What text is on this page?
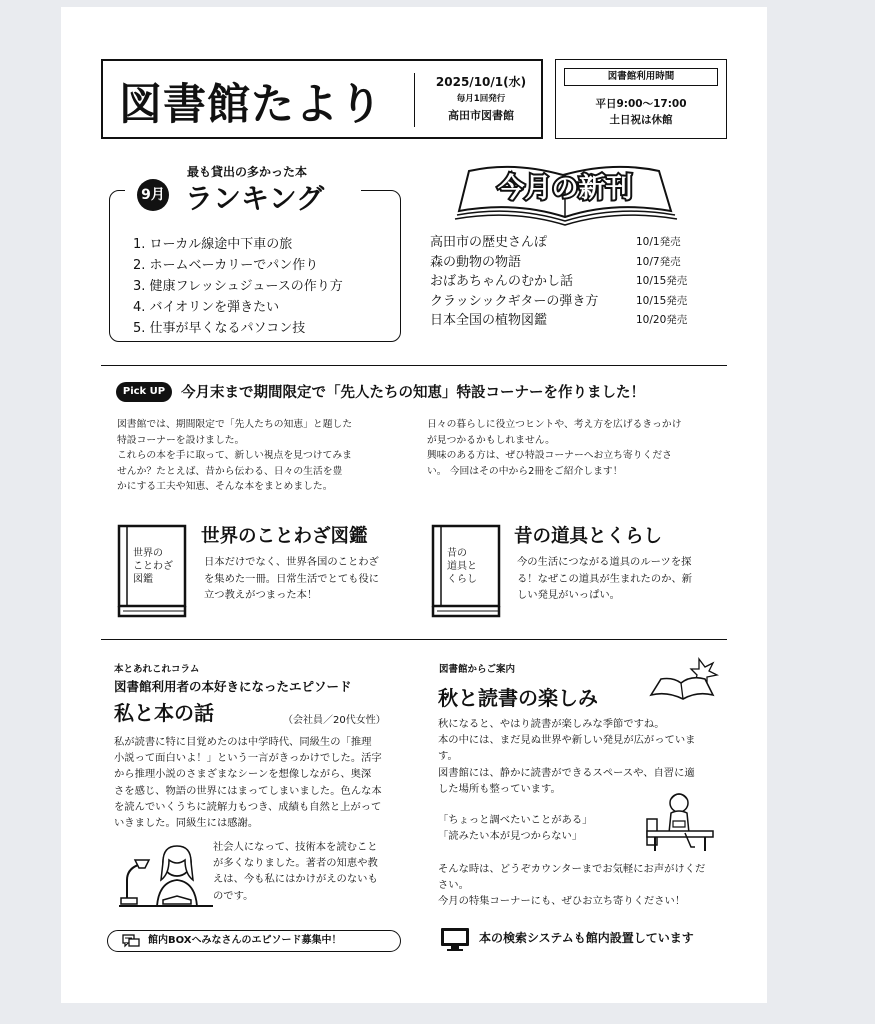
図書館たより	2025/10/1(水)
毎月1回発行
高田市図書館
図書館利用時間
平日9:00〜17:00
土日祝は休館
9月
最も貸出の多かった本
ランキング
1. ローカル線途中下車の旅
2. ホームベーカリーでパン作り
3. 健康フレッシュジュースの作り方
4. バイオリンを弾きたい
5. 仕事が早くなるパソコン技
今月の新刊
高田市の歴史さんぽ	10/1発売
森の動物の物語	10/7発売
おばあちゃんのむかし話	10/15発売
クラッシックギターの弾き方	10/15発売
日本全国の植物図鑑	10/20発売
Pick UP	今月末まで期間限定で「先人たちの知恵」特設コーナーを作りました！
図書館では、期間限定で「先人たちの知恵」と題した
特設コーナーを設けました。
これらの本を手に取って、新しい視点を見つけてみま
せんか？たとえば、昔から伝わる、日々の生活を豊
かにする工夫や知恵、そんな本をまとめました。
日々の暮らしに役立つヒントや、考え方を広げるきっかけ
が見つかるかもしれません。
興味のある方は、ぜひ特設コーナーへお立ち寄りくださ
い。 今回はその中から2冊をご紹介します！
世界の
ことわざ
図鑑
世界のことわざ図鑑
日本だけでなく、世界各国のことわざ
を集めた一冊。日常生活でとても役に
立つ教えがつまった本！
昔の
道具と
くらし
昔の道具とくらし
今の生活につながる道具のルーツを探
る！なぜこの道具が生まれたのか、新
しい発見がいっぱい。
本とあれこれコラム
図書館利用者の本好きになったエピソード
私と本の話	（会社員／20代女性）
私が読書に特に目覚めたのは中学時代、同級生の「推理
小説って面白いよ！」という一言がきっかけでした。活字
から推理小説のさまざまなシーンを想像しながら、奥深
さを感じ、物語の世界にはまってしまいました。色んな本
を読んでいくうちに読解力もつき、成績も自然と上がって
いきました。同級生には感謝。
社会人になって、技術本を読むこと
が多くなりました。著者の知恵や教
えは、今も私にはかけがえのないも
のです。
館内BOXへみなさんのエピソード募集中！
図書館からご案内
秋と読書の楽しみ
秋になると、やはり読書が楽しみな季節ですね。
本の中には、まだ見ぬ世界や新しい発見が広がっていま
す。
図書館には、静かに読書ができるスペースや、自習に適
した場所も整っています。
「ちょっと調べたいことがある」
「読みたい本が見つからない」
そんな時は、どうぞカウンターまでお気軽にお声がけくだ
さい。
今月の特集コーナーにも、ぜひお立ち寄りください！
本の検索システムも館内設置しています
